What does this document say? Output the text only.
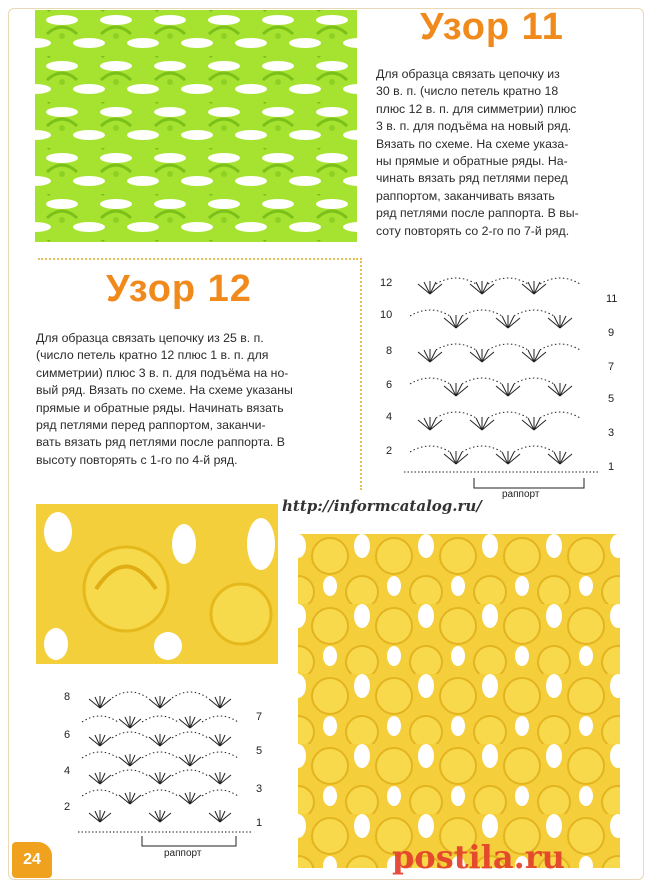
Узор 11
Для образца связать цепочку из
30 в. п. (число петель кратно 18
плюс 12 в. п. для симметрии) плюс
3 в. п. для подъёма на новый ряд.
Вязать по схеме. На схеме указа-
ны прямые и обратные ряды. На-
чинать вязать ряд петлями перед
раппортом, заканчивать вязать
ряд петлями после раппорта. В вы-
соту повторять со 2-го по 7-й ряд.
Узор 12
Для образца связать цепочку из 25 в. п.
(число петель кратно 12 плюс 1 в. п. для
симметрии) плюс 3 в. п. для подъёма на но-
вый ряд. Вязать по схеме. На схеме указаны
прямые и обратные ряды. Начинать вязать
ряд петлями перед раппортом, заканчи-
вать вязать ряд петлями после раппорта. В
высоту повторять с 1-го по 4-й ряд.
12
10
8
6
4
2
11
9
7
5
3
1
раппорт

http://informcatalog.ru/

8
6
4
2
7
5
3
1
раппорт
24	postila.ru
